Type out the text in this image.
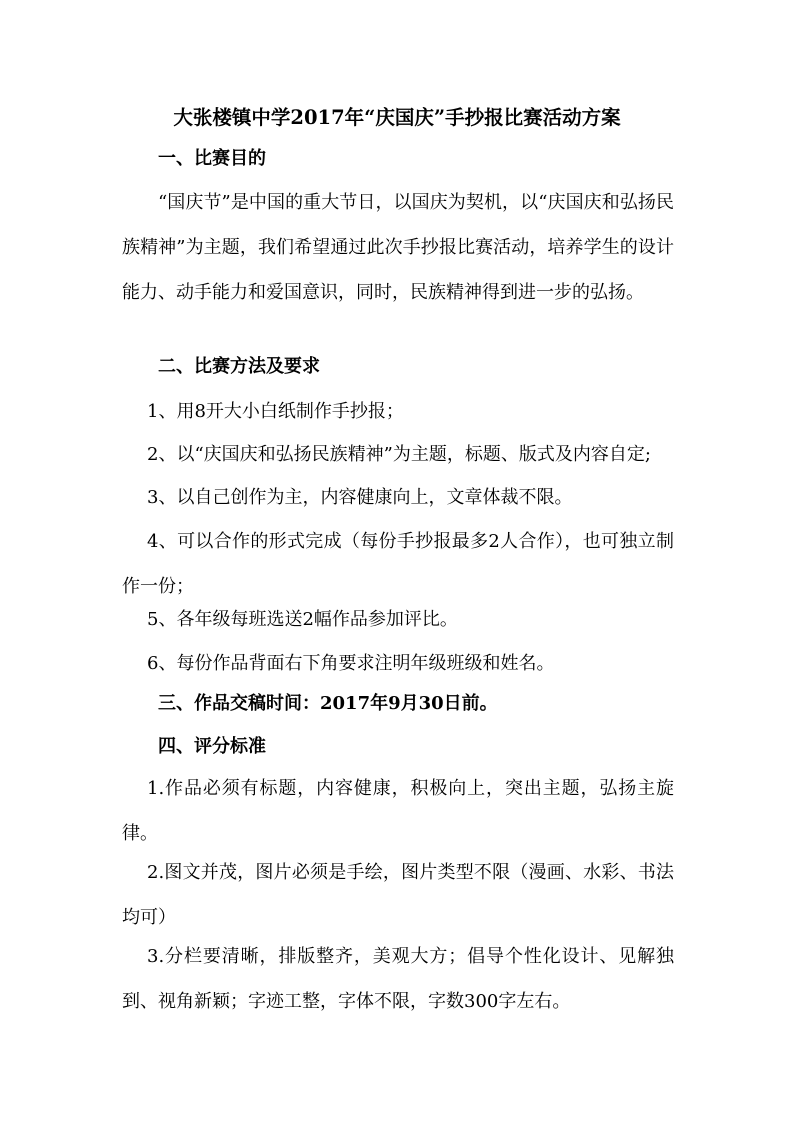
大张楼镇中学2017年“庆国庆”手抄报比赛活动方案
一、比赛目的
“国庆节”是中国的重大节日，以国庆为契机，以“庆国庆和弘扬民族精神”为主题，我们希望通过此次手抄报比赛活动，培养学生的设计能力、动手能力和爱国意识，同时，民族精神得到进一步的弘扬。
二、比赛方法及要求
1、用8开大小白纸制作手抄报；
2、以“庆国庆和弘扬民族精神”为主题，标题、版式及内容自定;
3、以自己创作为主，内容健康向上，文章体裁不限。
4、可以合作的形式完成（每份手抄报最多2人合作），也可独立制作一份；
5、各年级每班选送2幅作品参加评比。
6、每份作品背面右下角要求注明年级班级和姓名。
三、作品交稿时间：2017年9月30日前。
四、评分标准
1.作品必须有标题，内容健康，积极向上，突出主题，弘扬主旋律。
2.图文并茂，图片必须是手绘，图片类型不限（漫画、水彩、书法均可）
3.分栏要清晰，排版整齐，美观大方；倡导个性化设计、见解独到、视角新颖；字迹工整，字体不限，字数300字左右。
